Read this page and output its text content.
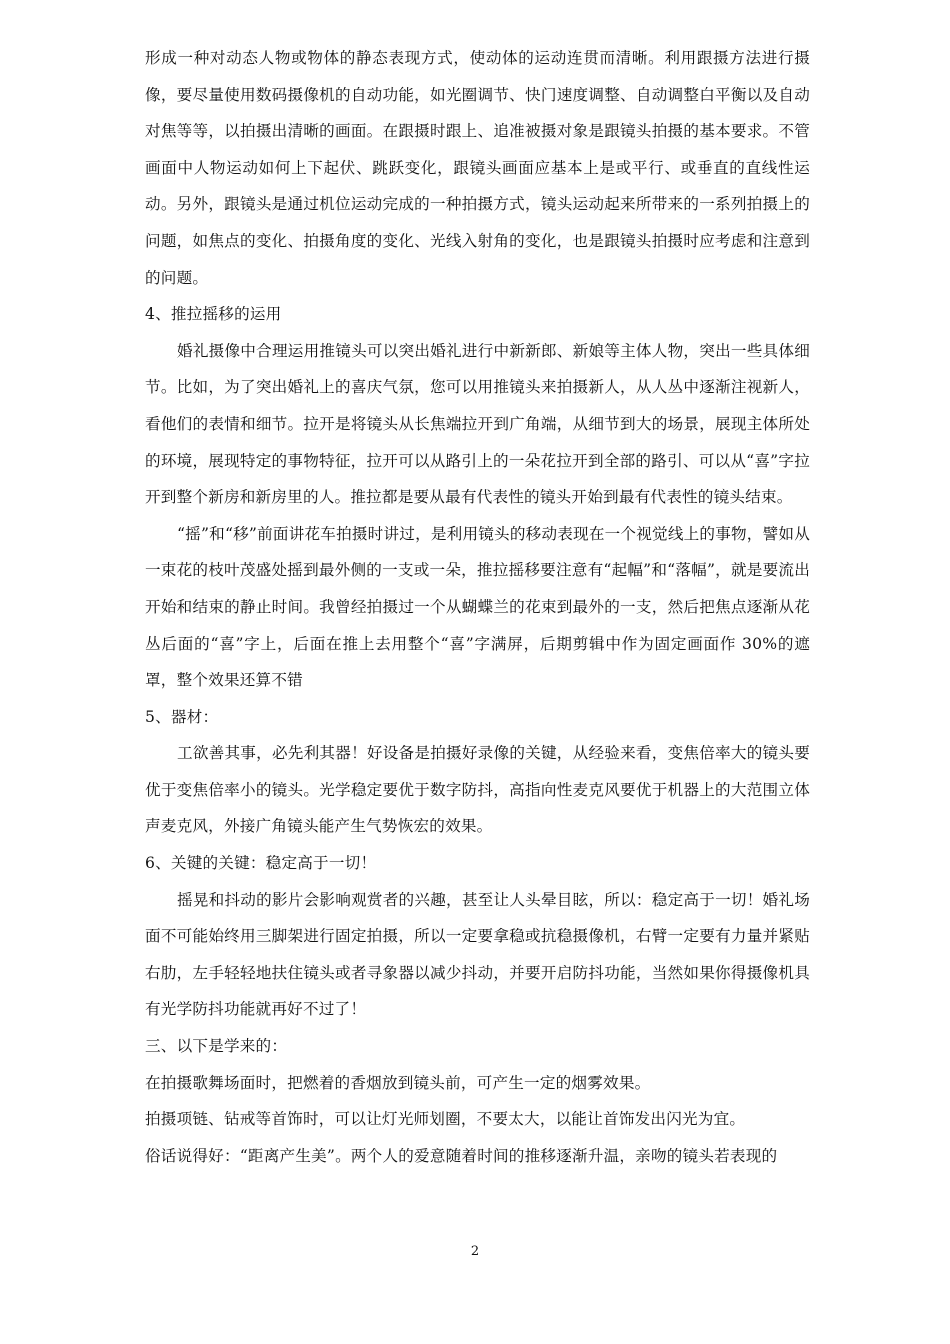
形成一种对动态人物或物体的静态表现方式，使动体的运动连贯而清晰。利用跟摄方法进行摄像，要尽量使用数码摄像机的自动功能，如光圈调节、快门速度调整、自动调整白平衡以及自动对焦等等，以拍摄出清晰的画面。在跟摄时跟上、追准被摄对象是跟镜头拍摄的基本要求。不管画面中人物运动如何上下起伏、跳跃变化，跟镜头画面应基本上是或平行、或垂直的直线性运动。另外，跟镜头是通过机位运动完成的一种拍摄方式，镜头运动起来所带来的一系列拍摄上的问题，如焦点的变化、拍摄角度的变化、光线入射角的变化，也是跟镜头拍摄时应考虑和注意到的问题。

4、推拉摇移的运用

婚礼摄像中合理运用推镜头可以突出婚礼进行中新新郎、新娘等主体人物，突出一些具体细节。比如，为了突出婚礼上的喜庆气氛，您可以用推镜头来拍摄新人，从人丛中逐渐注视新人，看他们的表情和细节。拉开是将镜头从长焦端拉开到广角端，从细节到大的场景，展现主体所处的环境，展现特定的事物特征，拉开可以从路引上的一朵花拉开到全部的路引、可以从“喜”字拉开到整个新房和新房里的人。推拉都是要从最有代表性的镜头开始到最有代表性的镜头结束。

“摇”和“移”前面讲花车拍摄时讲过，是利用镜头的移动表现在一个视觉线上的事物，譬如从一束花的枝叶茂盛处摇到最外侧的一支或一朵，推拉摇移要注意有“起幅”和“落幅”，就是要流出开始和结束的静止时间。我曾经拍摄过一个从蝴蝶兰的花束到最外的一支，然后把焦点逐渐从花丛后面的“喜”字上，后面在推上去用整个“喜”字满屏，后期剪辑中作为固定画面作 30%的遮罩，整个效果还算不错

5、器材：

工欲善其事，必先利其器！好设备是拍摄好录像的关键，从经验来看，变焦倍率大的镜头要优于变焦倍率小的镜头。光学稳定要优于数字防抖，高指向性麦克风要优于机器上的大范围立体声麦克风，外接广角镜头能产生气势恢宏的效果。

6、关键的关键：稳定高于一切！

摇晃和抖动的影片会影响观赏者的兴趣，甚至让人头晕目眩，所以：稳定高于一切！婚礼场面不可能始终用三脚架进行固定拍摄，所以一定要拿稳或抗稳摄像机，右臂一定要有力量并紧贴右肋，左手轻轻地扶住镜头或者寻象器以减少抖动，并要开启防抖功能，当然如果你得摄像机具有光学防抖功能就再好不过了！

三、以下是学来的：

在拍摄歌舞场面时，把燃着的香烟放到镜头前，可产生一定的烟雾效果。

拍摄项链、钻戒等首饰时，可以让灯光师划圈，不要太大，以能让首饰发出闪光为宜。

俗话说得好：“距离产生美”。两个人的爱意随着时间的推移逐渐升温，亲吻的镜头若表现的

2
